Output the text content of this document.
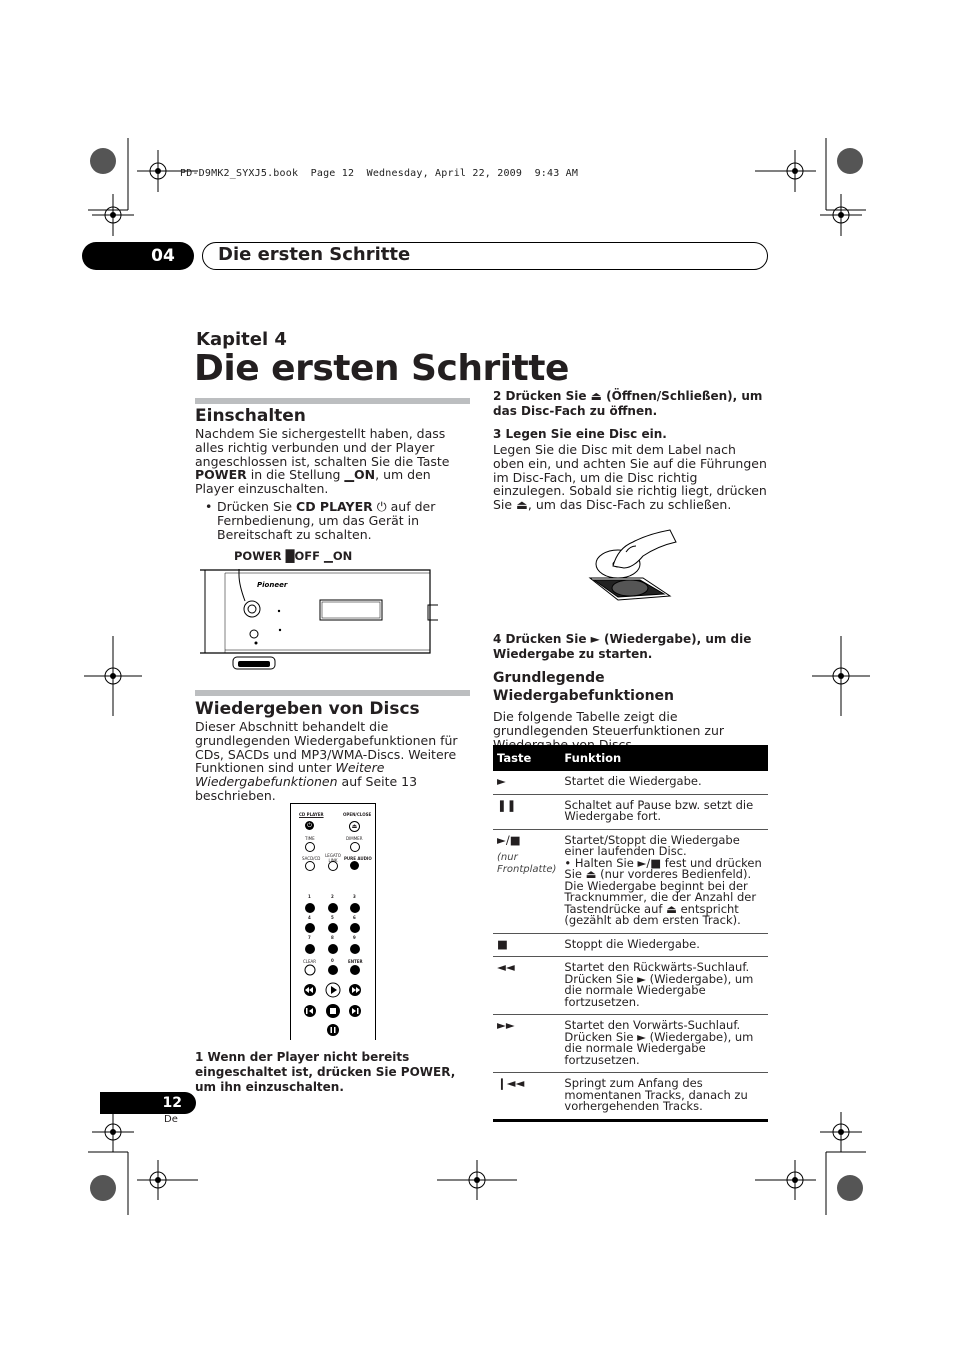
PD-D9MK2_SYXJ5.book  Page 12  Wednesday, April 22, 2009  9:43 AM
04	Die ersten Schritte
Kapitel 4
Die ersten Schritte
Einschalten
Nachdem Sie sichergestellt haben, dass alles richtig verbunden und der Player angeschlossen ist, schalten Sie die Taste POWER in die Stellung ▁ON, um den Player einzuschalten.
• Drücken Sie CD PLAYER ⏻ auf der Fernbedienung, um das Gerät in Bereitschaft zu schalten.
POWER █OFF ▁ON
Pioneer
Wiedergeben von Discs
Dieser Abschnitt behandelt die grundlegenden Wiedergabefunktionen für CDs, SACDs und MP3/WMA-Discs. Weitere Funktionen sind unter Weitere Wiedergabefunktionen auf Seite 13 beschrieben.
CD PLAYER	OPEN/CLOSE
⏻	⏏
TIME	DIMMER
SACD/CD
LEGATO LINK	PURE AUDIO
1	2	3
4	5	6
7	8	9
CLEAR	0	ENTER
1 Wenn der Player nicht bereits eingeschaltet ist, drücken Sie POWER, um ihn einzuschalten.
2 Drücken Sie ⏏ (Öffnen/Schließen), um das Disc-Fach zu öffnen.
3 Legen Sie eine Disc ein.
Legen Sie die Disc mit dem Label nach oben ein, und achten Sie auf die Führungen im Disc-Fach, um die Disc richtig einzulegen. Sobald sie richtig liegt, drücken Sie ⏏, um das Disc-Fach zu schließen.
4 Drücken Sie ► (Wiedergabe), um die Wiedergabe zu starten.
Grundlegende Wiedergabefunktionen
Die folgende Tabelle zeigt die grundlegenden Steuerfunktionen zur
Taste	Funktion
►	Startet die Wiedergabe.
❚❚	Schaltet auf Pause bzw. setzt die Wiedergabe fort.
►/■
(nur Frontplatte)	Startet/Stoppt die Wiedergabe einer laufenden Disc.
• Halten Sie ►/■ fest und drücken Sie ⏏ (nur vorderes Bedienfeld). Die Wiedergabe beginnt bei der Tracknummer, die der Anzahl der Tastendrücke auf ⏏ entspricht (gezählt ab dem ersten Track).
■	Stoppt die Wiedergabe.
◄◄	Startet den Rückwärts-Suchlauf. Drücken Sie ► (Wiedergabe), um die normale Wiedergabe fortzusetzen.
►►	Startet den Vorwärts-Suchlauf. Drücken Sie ► (Wiedergabe), um die normale Wiedergabe fortzusetzen.
❙◄◄	Springt zum Anfang des momentanen Tracks, danach zu vorhergehenden Tracks.
12
De
